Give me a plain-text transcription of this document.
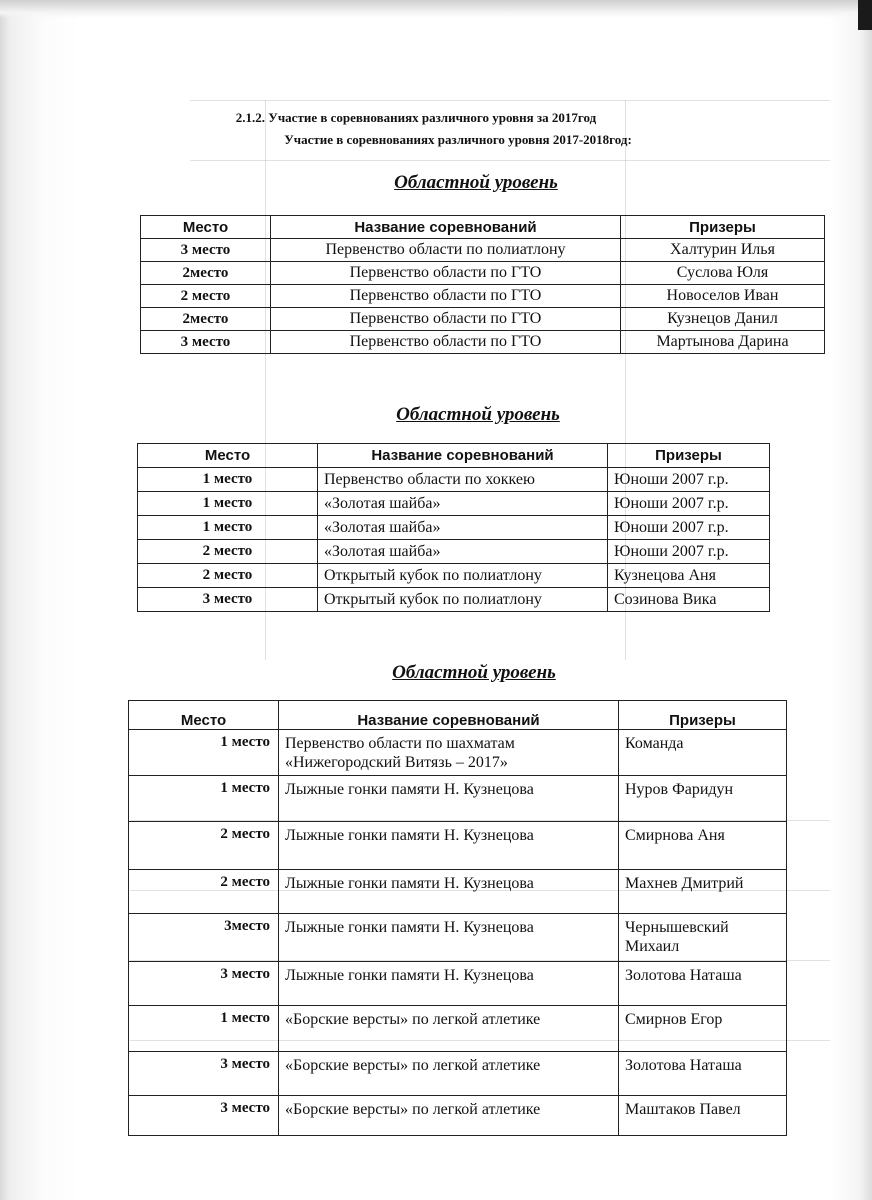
2.1.2. Участие в соревнованиях различного уровня за 2017год
Участие в соревнованиях различного уровня 2017-2018год:
Областной уровень
Место	Название соревнований	Призеры
3 место	Первенство области по полиатлону	Халтурин Илья
2место	Первенство области по ГТО	Суслова Юля
2 место	Первенство области по ГТО	Новоселов Иван
2место	Первенство области по ГТО	Кузнецов Данил
3 место	Первенство области по ГТО	Мартынова Дарина
Областной уровень
Место	Название соревнований	Призеры
1 место	Первенство области по хоккею	Юноши 2007 г.р.
1 место	«Золотая шайба»	Юноши 2007 г.р.
1 место	«Золотая шайба»	Юноши 2007 г.р.
2 место	«Золотая шайба»	Юноши 2007 г.р.
2 место	Открытый кубок по полиатлону	Кузнецова Аня
3 место	Открытый кубок по полиатлону	Созинова Вика
Областной уровень
Место	Название соревнований	Призеры
1 место	Первенство области по шахматам «Нижегородский Витязь – 2017»	Команда
1 место	Лыжные гонки памяти Н. Кузнецова	Нуров Фаридун
2 место	Лыжные гонки памяти Н. Кузнецова	Смирнова Аня
2 место	Лыжные гонки памяти Н. Кузнецова	Махнев Дмитрий
3место	Лыжные гонки памяти Н. Кузнецова	Чернышевский Михаил
3 место	Лыжные гонки памяти Н. Кузнецова	Золотова Наташа
1 место	«Борские версты» по легкой атлетике	Смирнов Егор
3 место	«Борские версты» по легкой атлетике	Золотова Наташа
3 место	«Борские версты» по легкой атлетике	Маштаков Павел
